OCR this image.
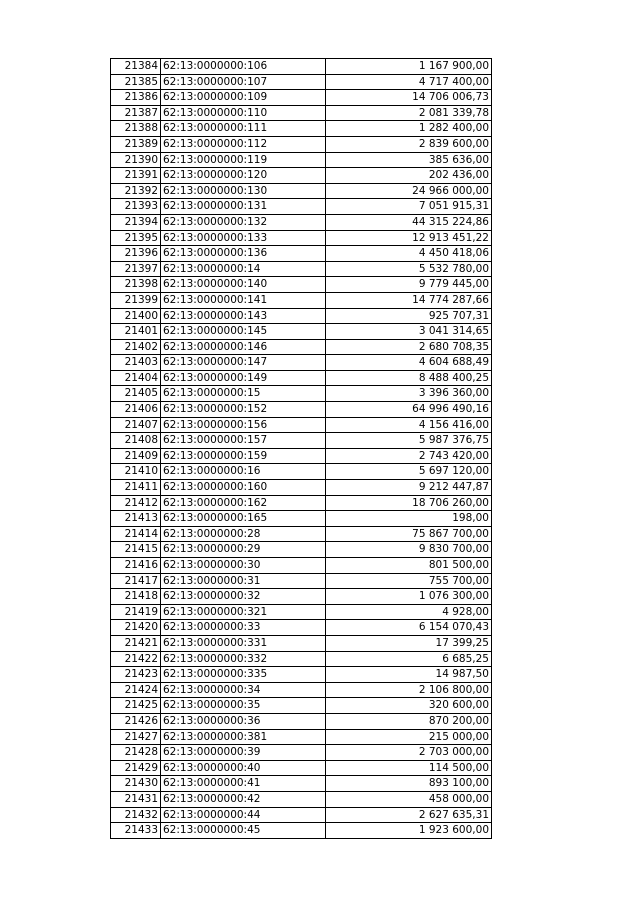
21384	62:13:0000000:106	1 167 900,00
21385	62:13:0000000:107	4 717 400,00
21386	62:13:0000000:109	14 706 006,73
21387	62:13:0000000:110	2 081 339,78
21388	62:13:0000000:111	1 282 400,00
21389	62:13:0000000:112	2 839 600,00
21390	62:13:0000000:119	385 636,00
21391	62:13:0000000:120	202 436,00
21392	62:13:0000000:130	24 966 000,00
21393	62:13:0000000:131	7 051 915,31
21394	62:13:0000000:132	44 315 224,86
21395	62:13:0000000:133	12 913 451,22
21396	62:13:0000000:136	4 450 418,06
21397	62:13:0000000:14	5 532 780,00
21398	62:13:0000000:140	9 779 445,00
21399	62:13:0000000:141	14 774 287,66
21400	62:13:0000000:143	925 707,31
21401	62:13:0000000:145	3 041 314,65
21402	62:13:0000000:146	2 680 708,35
21403	62:13:0000000:147	4 604 688,49
21404	62:13:0000000:149	8 488 400,25
21405	62:13:0000000:15	3 396 360,00
21406	62:13:0000000:152	64 996 490,16
21407	62:13:0000000:156	4 156 416,00
21408	62:13:0000000:157	5 987 376,75
21409	62:13:0000000:159	2 743 420,00
21410	62:13:0000000:16	5 697 120,00
21411	62:13:0000000:160	9 212 447,87
21412	62:13:0000000:162	18 706 260,00
21413	62:13:0000000:165	198,00
21414	62:13:0000000:28	75 867 700,00
21415	62:13:0000000:29	9 830 700,00
21416	62:13:0000000:30	801 500,00
21417	62:13:0000000:31	755 700,00
21418	62:13:0000000:32	1 076 300,00
21419	62:13:0000000:321	4 928,00
21420	62:13:0000000:33	6 154 070,43
21421	62:13:0000000:331	17 399,25
21422	62:13:0000000:332	6 685,25
21423	62:13:0000000:335	14 987,50
21424	62:13:0000000:34	2 106 800,00
21425	62:13:0000000:35	320 600,00
21426	62:13:0000000:36	870 200,00
21427	62:13:0000000:381	215 000,00
21428	62:13:0000000:39	2 703 000,00
21429	62:13:0000000:40	114 500,00
21430	62:13:0000000:41	893 100,00
21431	62:13:0000000:42	458 000,00
21432	62:13:0000000:44	2 627 635,31
21433	62:13:0000000:45	1 923 600,00
